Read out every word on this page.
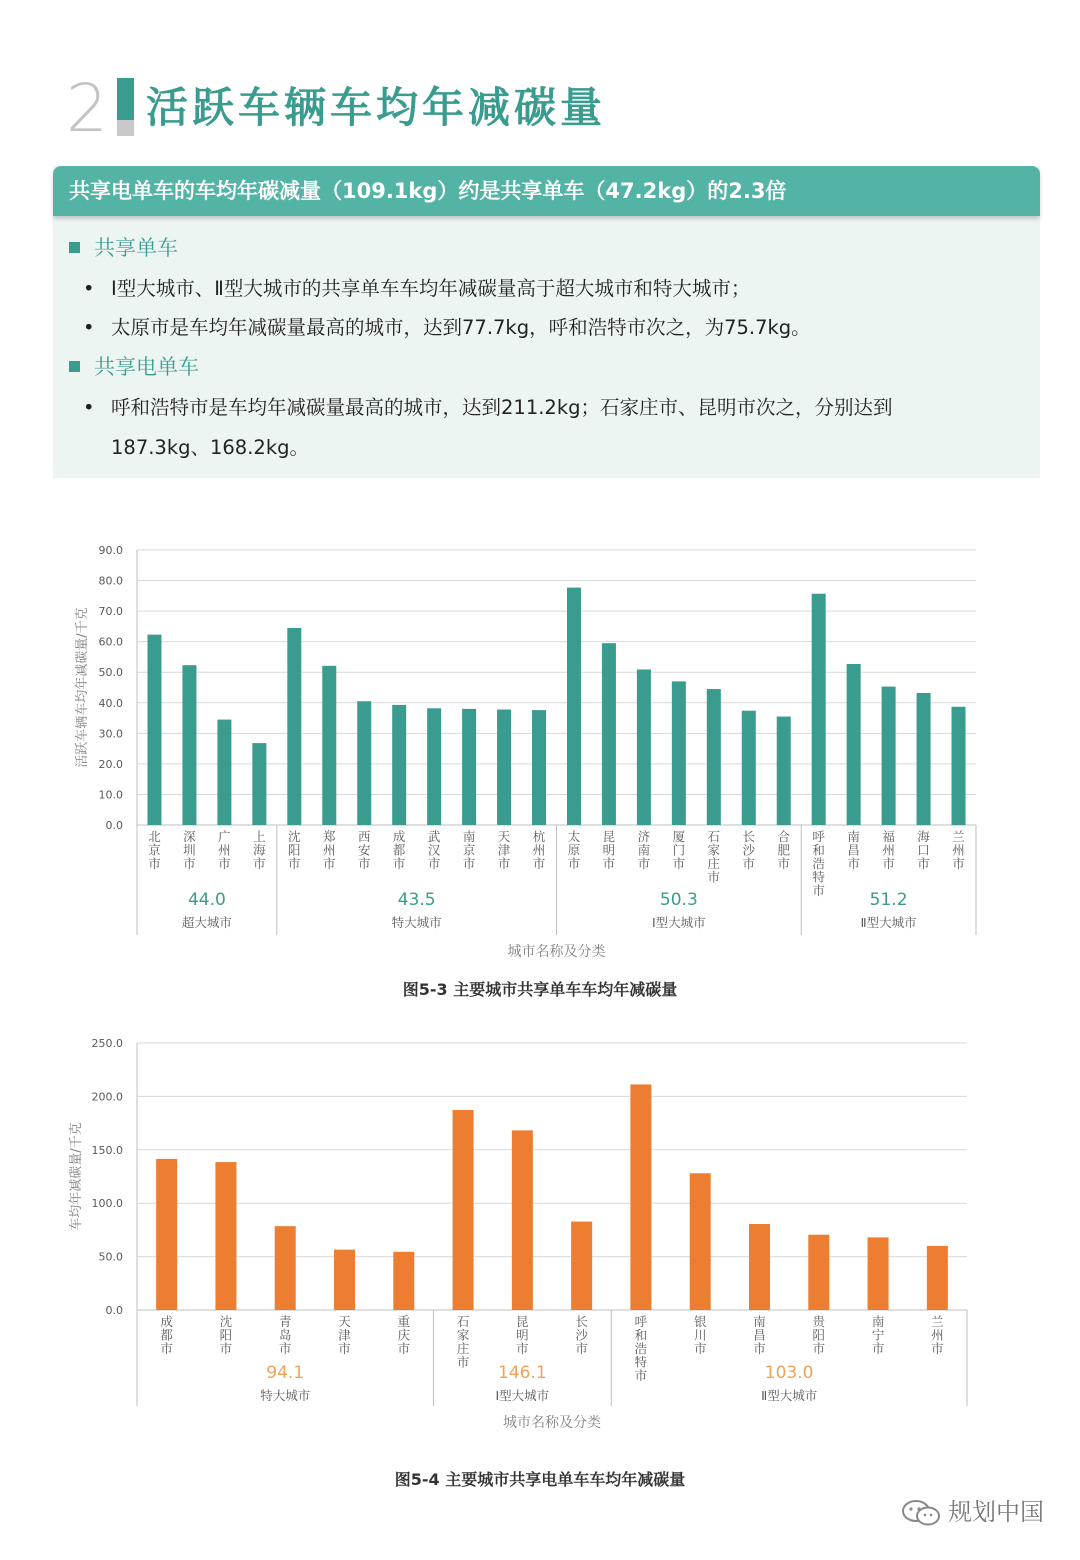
2 活跃车辆车均年减碳量
共享电单车的车均年碳减量（109.1kg）约是共享单车（47.2kg）的2.3倍
共享单车
• Ⅰ型大城市、Ⅱ型大城市的共享单车车均年减碳量高于超大城市和特大城市；
• 太原市是车均年减碳量最高的城市，达到77.7kg，呼和浩特市次之，为75.7kg。
共享电单车
• 呼和浩特市是车均年减碳量最高的城市，达到211.2kg；石家庄市、昆明市次之，分别达到187.3kg、168.2kg。
0.0
10.0
20.0
30.0
40.0
50.0
60.0
70.0
80.0
90.0
活跃车辆车均年减碳量/千克
北京市
深圳市
广州市
上海市
沈阳市
郑州市
西安市
成都市
武汉市
南京市
天津市
杭州市
太原市
昆明市
济南市
厦门市
石家庄市
长沙市
合肥市
呼和浩特市
南昌市
福州市
海口市
兰州市
44.0
超大城市
43.5
特大城市
50.3
Ⅰ型大城市
51.2
Ⅱ型大城市
城市名称及分类
图5-3 主要城市共享单车车均年减碳量
0.0
50.0
100.0
150.0
200.0
250.0
车均年减碳量/千克
成都市
沈阳市
青岛市
天津市
重庆市
石家庄市
昆明市
长沙市
呼和浩特市
银川市
南昌市
贵阳市
南宁市
兰州市
94.1
特大城市
146.1
Ⅰ型大城市
103.0
Ⅱ型大城市
城市名称及分类
图5-4 主要城市共享电单车车均年减碳量
规划中国
